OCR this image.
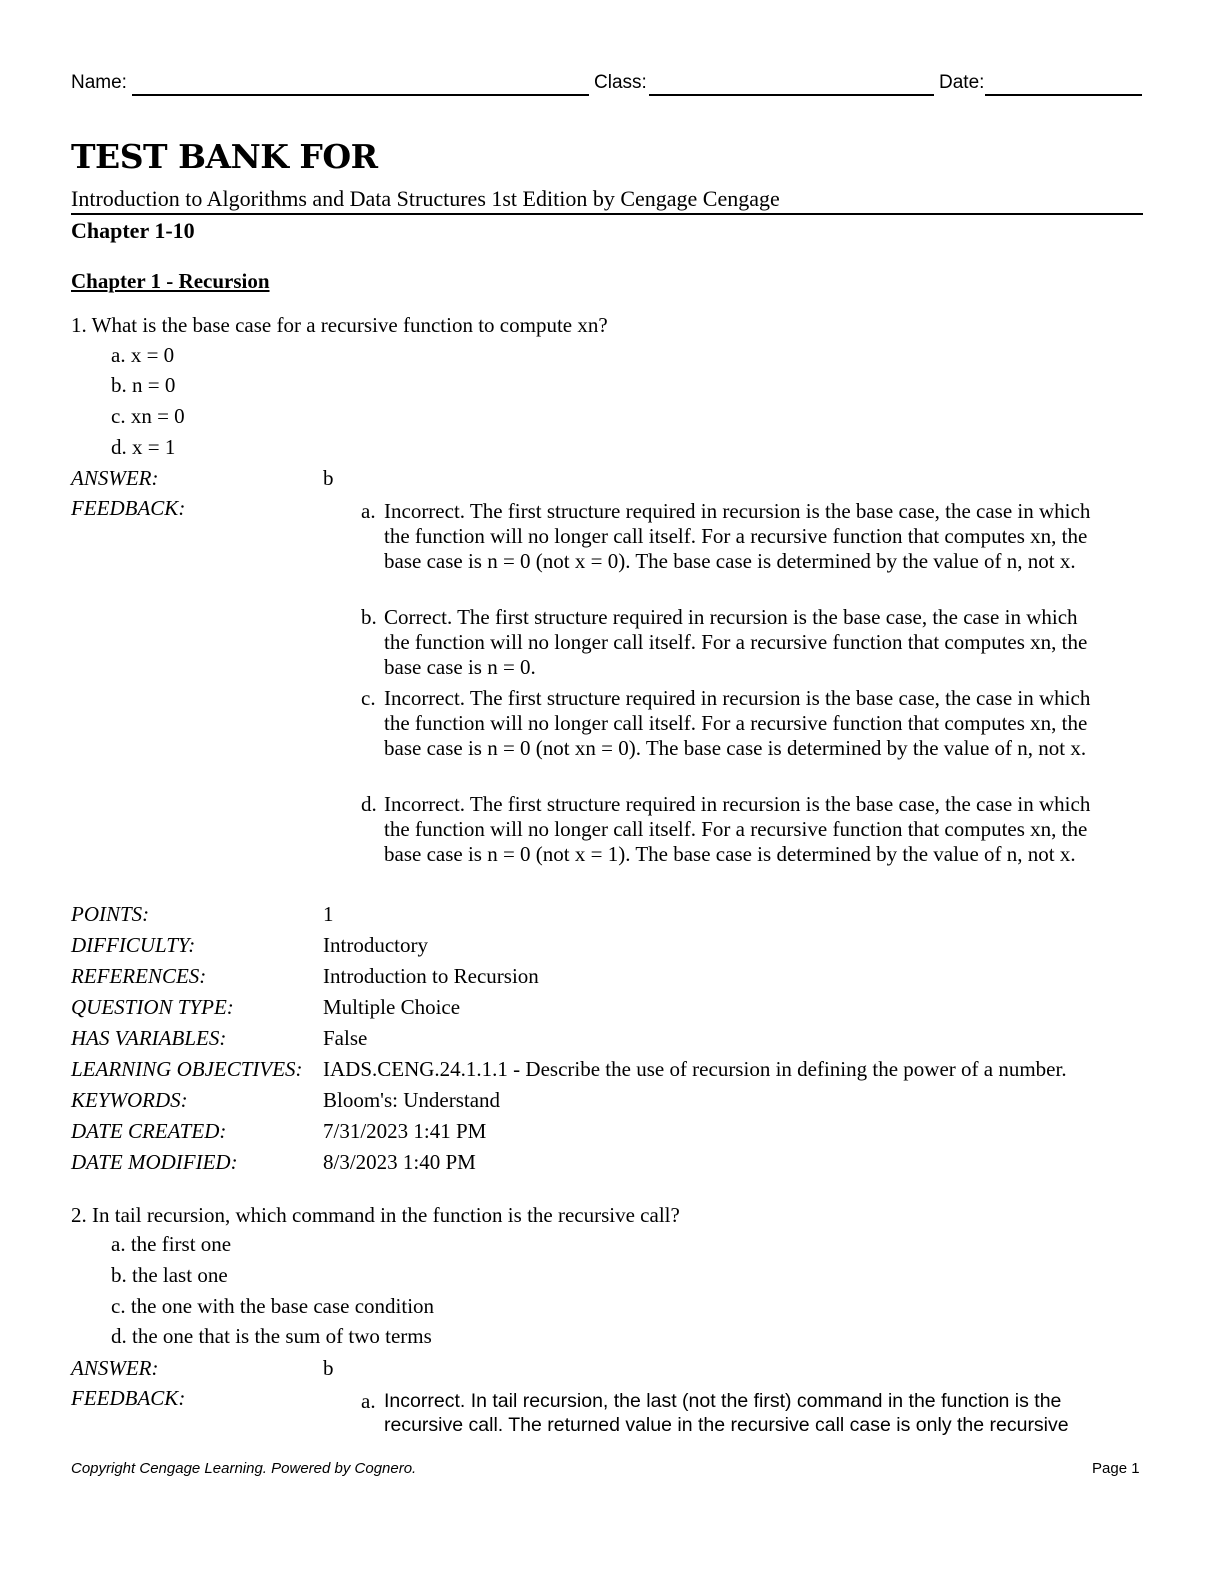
Name:	Class:	Date:
TEST BANK FOR
Introduction to Algorithms and Data Structures 1st Edition by Cengage Cengage
Chapter 1-10
Chapter 1 - Recursion
1. What is the base case for a recursive function to compute xn?
a. x = 0
b. n = 0
c. xn = 0
d. x = 1
ANSWER:	b
FEEDBACK:	a. Incorrect. The first structure required in recursion is the base case, the case in which the function will no longer call itself. For a recursive function that computes xn, the base case is n = 0 (not x = 0). The base case is determined by the value of n, not x.
b. Correct. The first structure required in recursion is the base case, the case in which the function will no longer call itself. For a recursive function that computes xn, the base case is n = 0.
c. Incorrect. The first structure required in recursion is the base case, the case in which the function will no longer call itself. For a recursive function that computes xn, the base case is n = 0 (not xn = 0). The base case is determined by the value of n, not x.
d. Incorrect. The first structure required in recursion is the base case, the case in which the function will no longer call itself. For a recursive function that computes xn, the base case is n = 0 (not x = 1). The base case is determined by the value of n, not x.
POINTS:	1
DIFFICULTY:	Introductory
REFERENCES:	Introduction to Recursion
QUESTION TYPE:	Multiple Choice
HAS VARIABLES:	False
LEARNING OBJECTIVES: IADS.CENG.24.1.1.1 - Describe the use of recursion in defining the power of a number.
KEYWORDS:	Bloom's: Understand
DATE CREATED:	7/31/2023 1:41 PM
DATE MODIFIED:	8/3/2023 1:40 PM
2. In tail recursion, which command in the function is the recursive call?
a. the first one
b. the last one
c. the one with the base case condition
d. the one that is the sum of two terms
ANSWER:	b
FEEDBACK:	a. Incorrect. In tail recursion, the last (not the first) command in the function is the recursive call. The returned value in the recursive call case is only the recursive
Copyright Cengage Learning. Powered by Cognero.	Page 1
